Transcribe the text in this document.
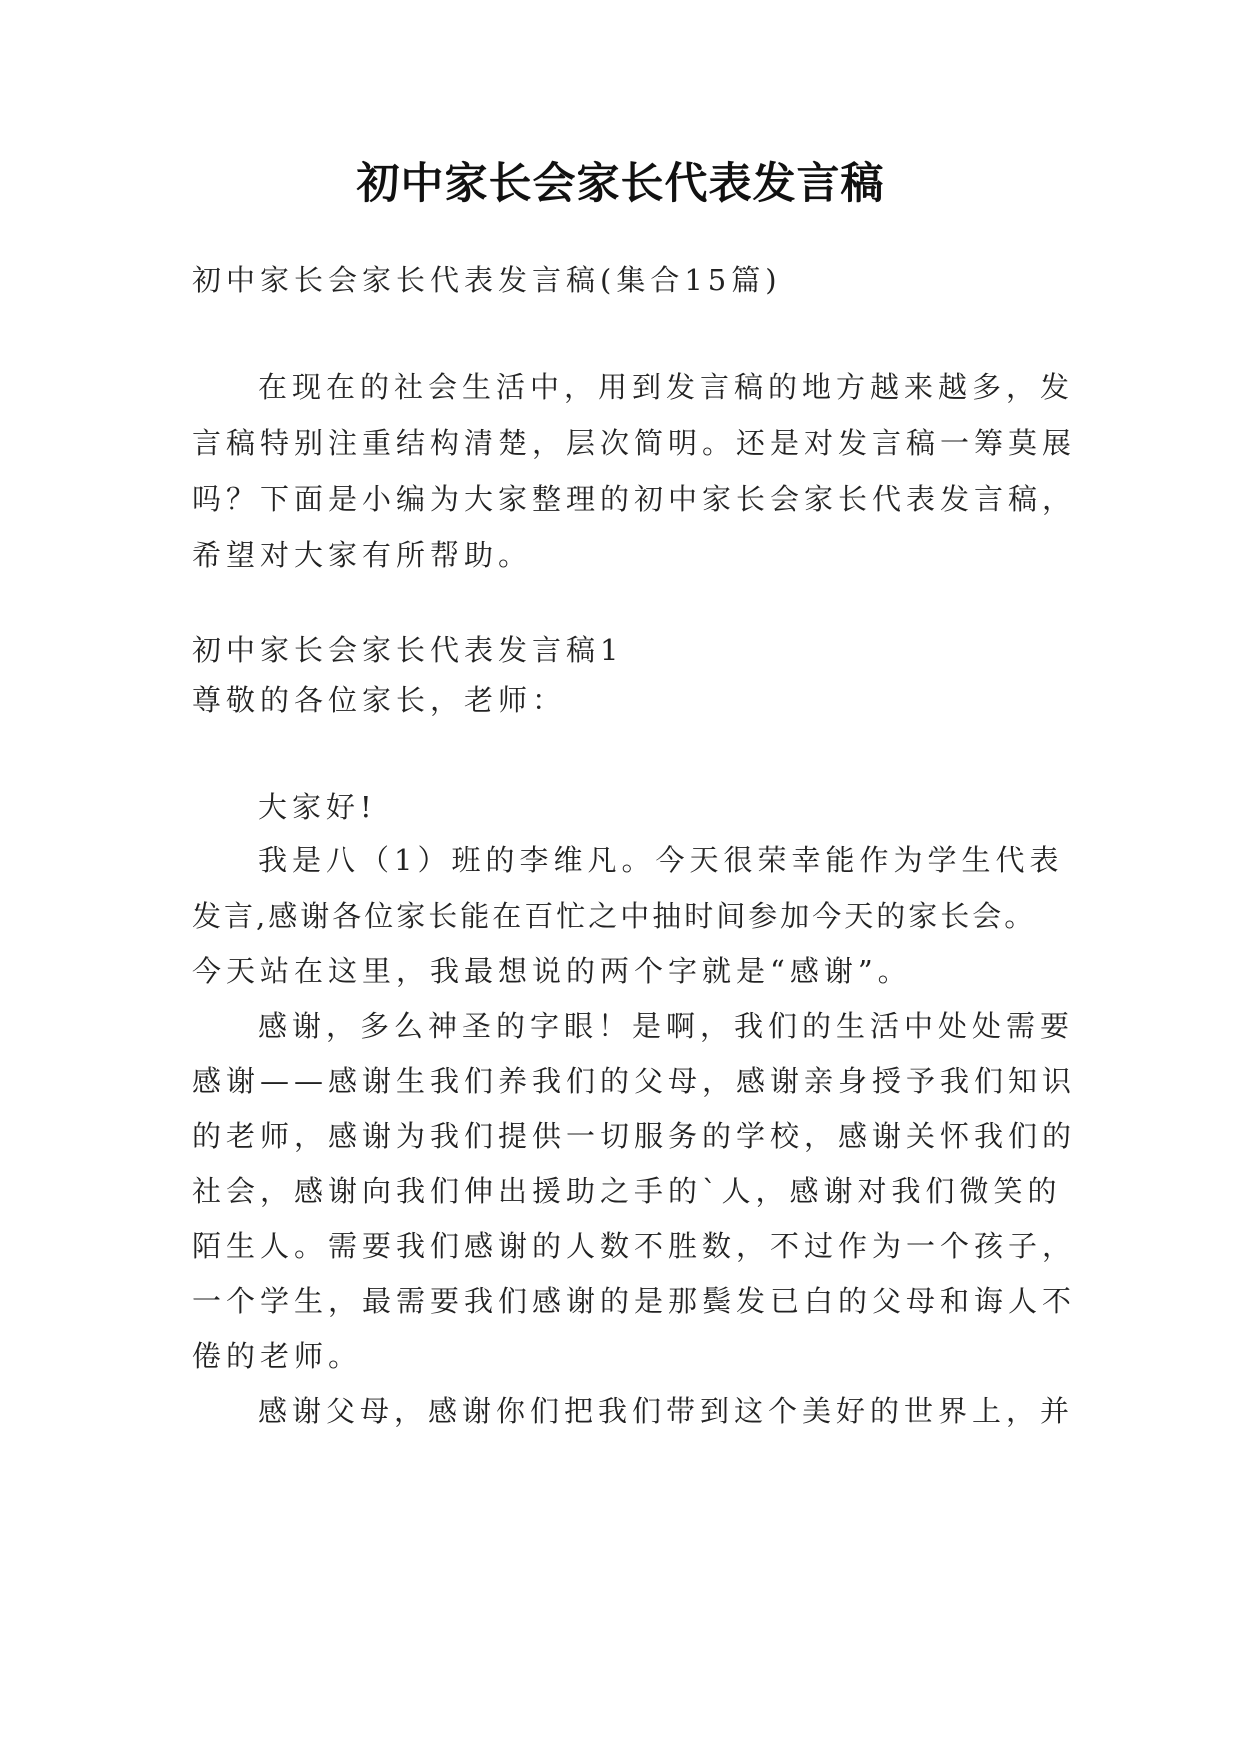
初中家长会家长代表发言稿
初中家长会家长代表发言稿(集合15篇)
在现在的社会生活中，用到发言稿的地方越来越多，发
言稿特别注重结构清楚，层次简明。还是对发言稿一筹莫展
吗？下面是小编为大家整理的初中家长会家长代表发言稿，
希望对大家有所帮助。
初中家长会家长代表发言稿1
尊敬的各位家长，老师：
大家好!
我是八（1）班的李维凡。今天很荣幸能作为学生代表
发言,感谢各位家长能在百忙之中抽时间参加今天的家长会。
今天站在这里，我最想说的两个字就是“感谢”。
感谢，多么神圣的字眼！是啊，我们的生活中处处需要
感谢——感谢生我们养我们的父母，感谢亲身授予我们知识
的老师，感谢为我们提供一切服务的学校，感谢关怀我们的
社会，感谢向我们伸出援助之手的`人，感谢对我们微笑的
陌生人。需要我们感谢的人数不胜数，不过作为一个孩子，
一个学生，最需要我们感谢的是那鬓发已白的父母和诲人不
倦的老师。
感谢父母，感谢你们把我们带到这个美好的世界上，并
